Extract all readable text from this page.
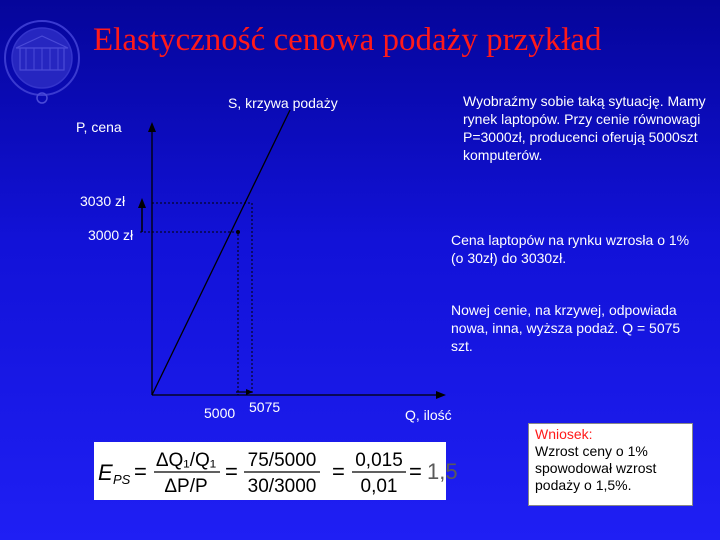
Elastyczność cenowa podaży przykład
S, krzywa podaży
P, cena
3030 zł
3000 zł
5000 5075	Q, ilość
Wyobraźmy sobie taką sytuację. Mamy rynek laptopów. Przy cenie równowagi P=3000zł, producenci oferują 5000szt komputerów.
Cena laptopów na rynku wzrosła o 1% (o 30zł) do 3030zł.
Nowej cenie, na krzywej, odpowiada nowa, inna, wyższa podaż. Q = 5075 szt.
E PS = ΔQ₁/Q₁
ΔP/P
= 75/5000
30/3000
= 0,015
0,01
= 1,5
Wniosek:
Wzrost ceny o 1% spowodował wzrost podaży o 1,5%.
